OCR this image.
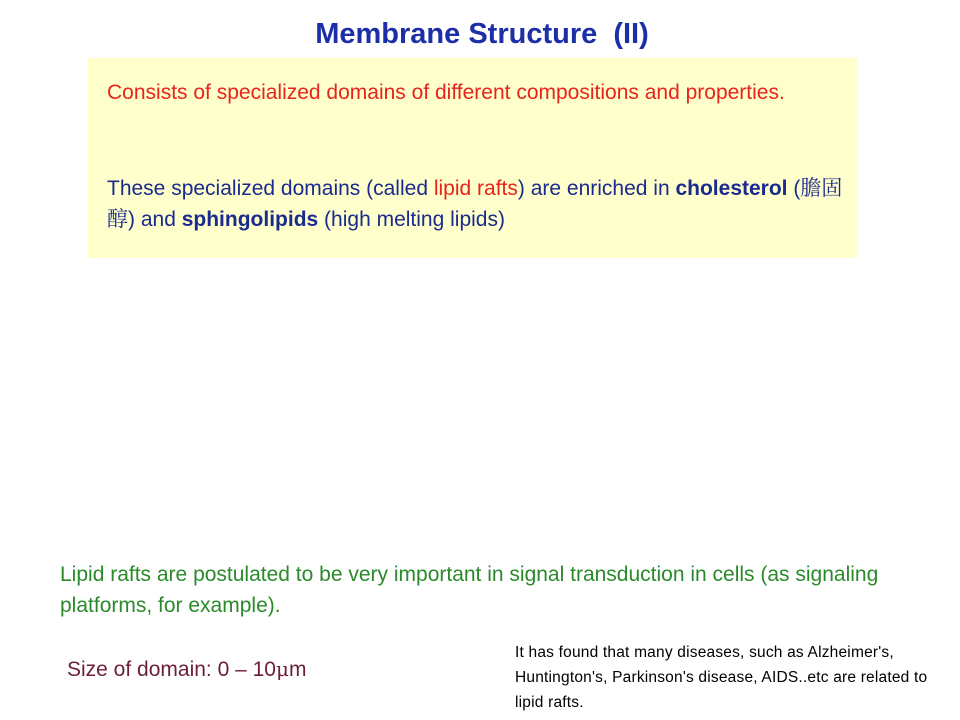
Membrane Structure  (II)
Consists of specialized domains of different compositions and properties.
These specialized domains (called lipid rafts) are enriched in cholesterol (膽固醇) and sphingolipids (high melting lipids)
Lipid rafts are postulated to be very important in signal transduction in cells (as signaling platforms, for example).
Size of domain: 0 – 10μm
It has found that many diseases, such as Alzheimer's, Huntington's, Parkinson's disease, AIDS..etc are related to lipid rafts.
